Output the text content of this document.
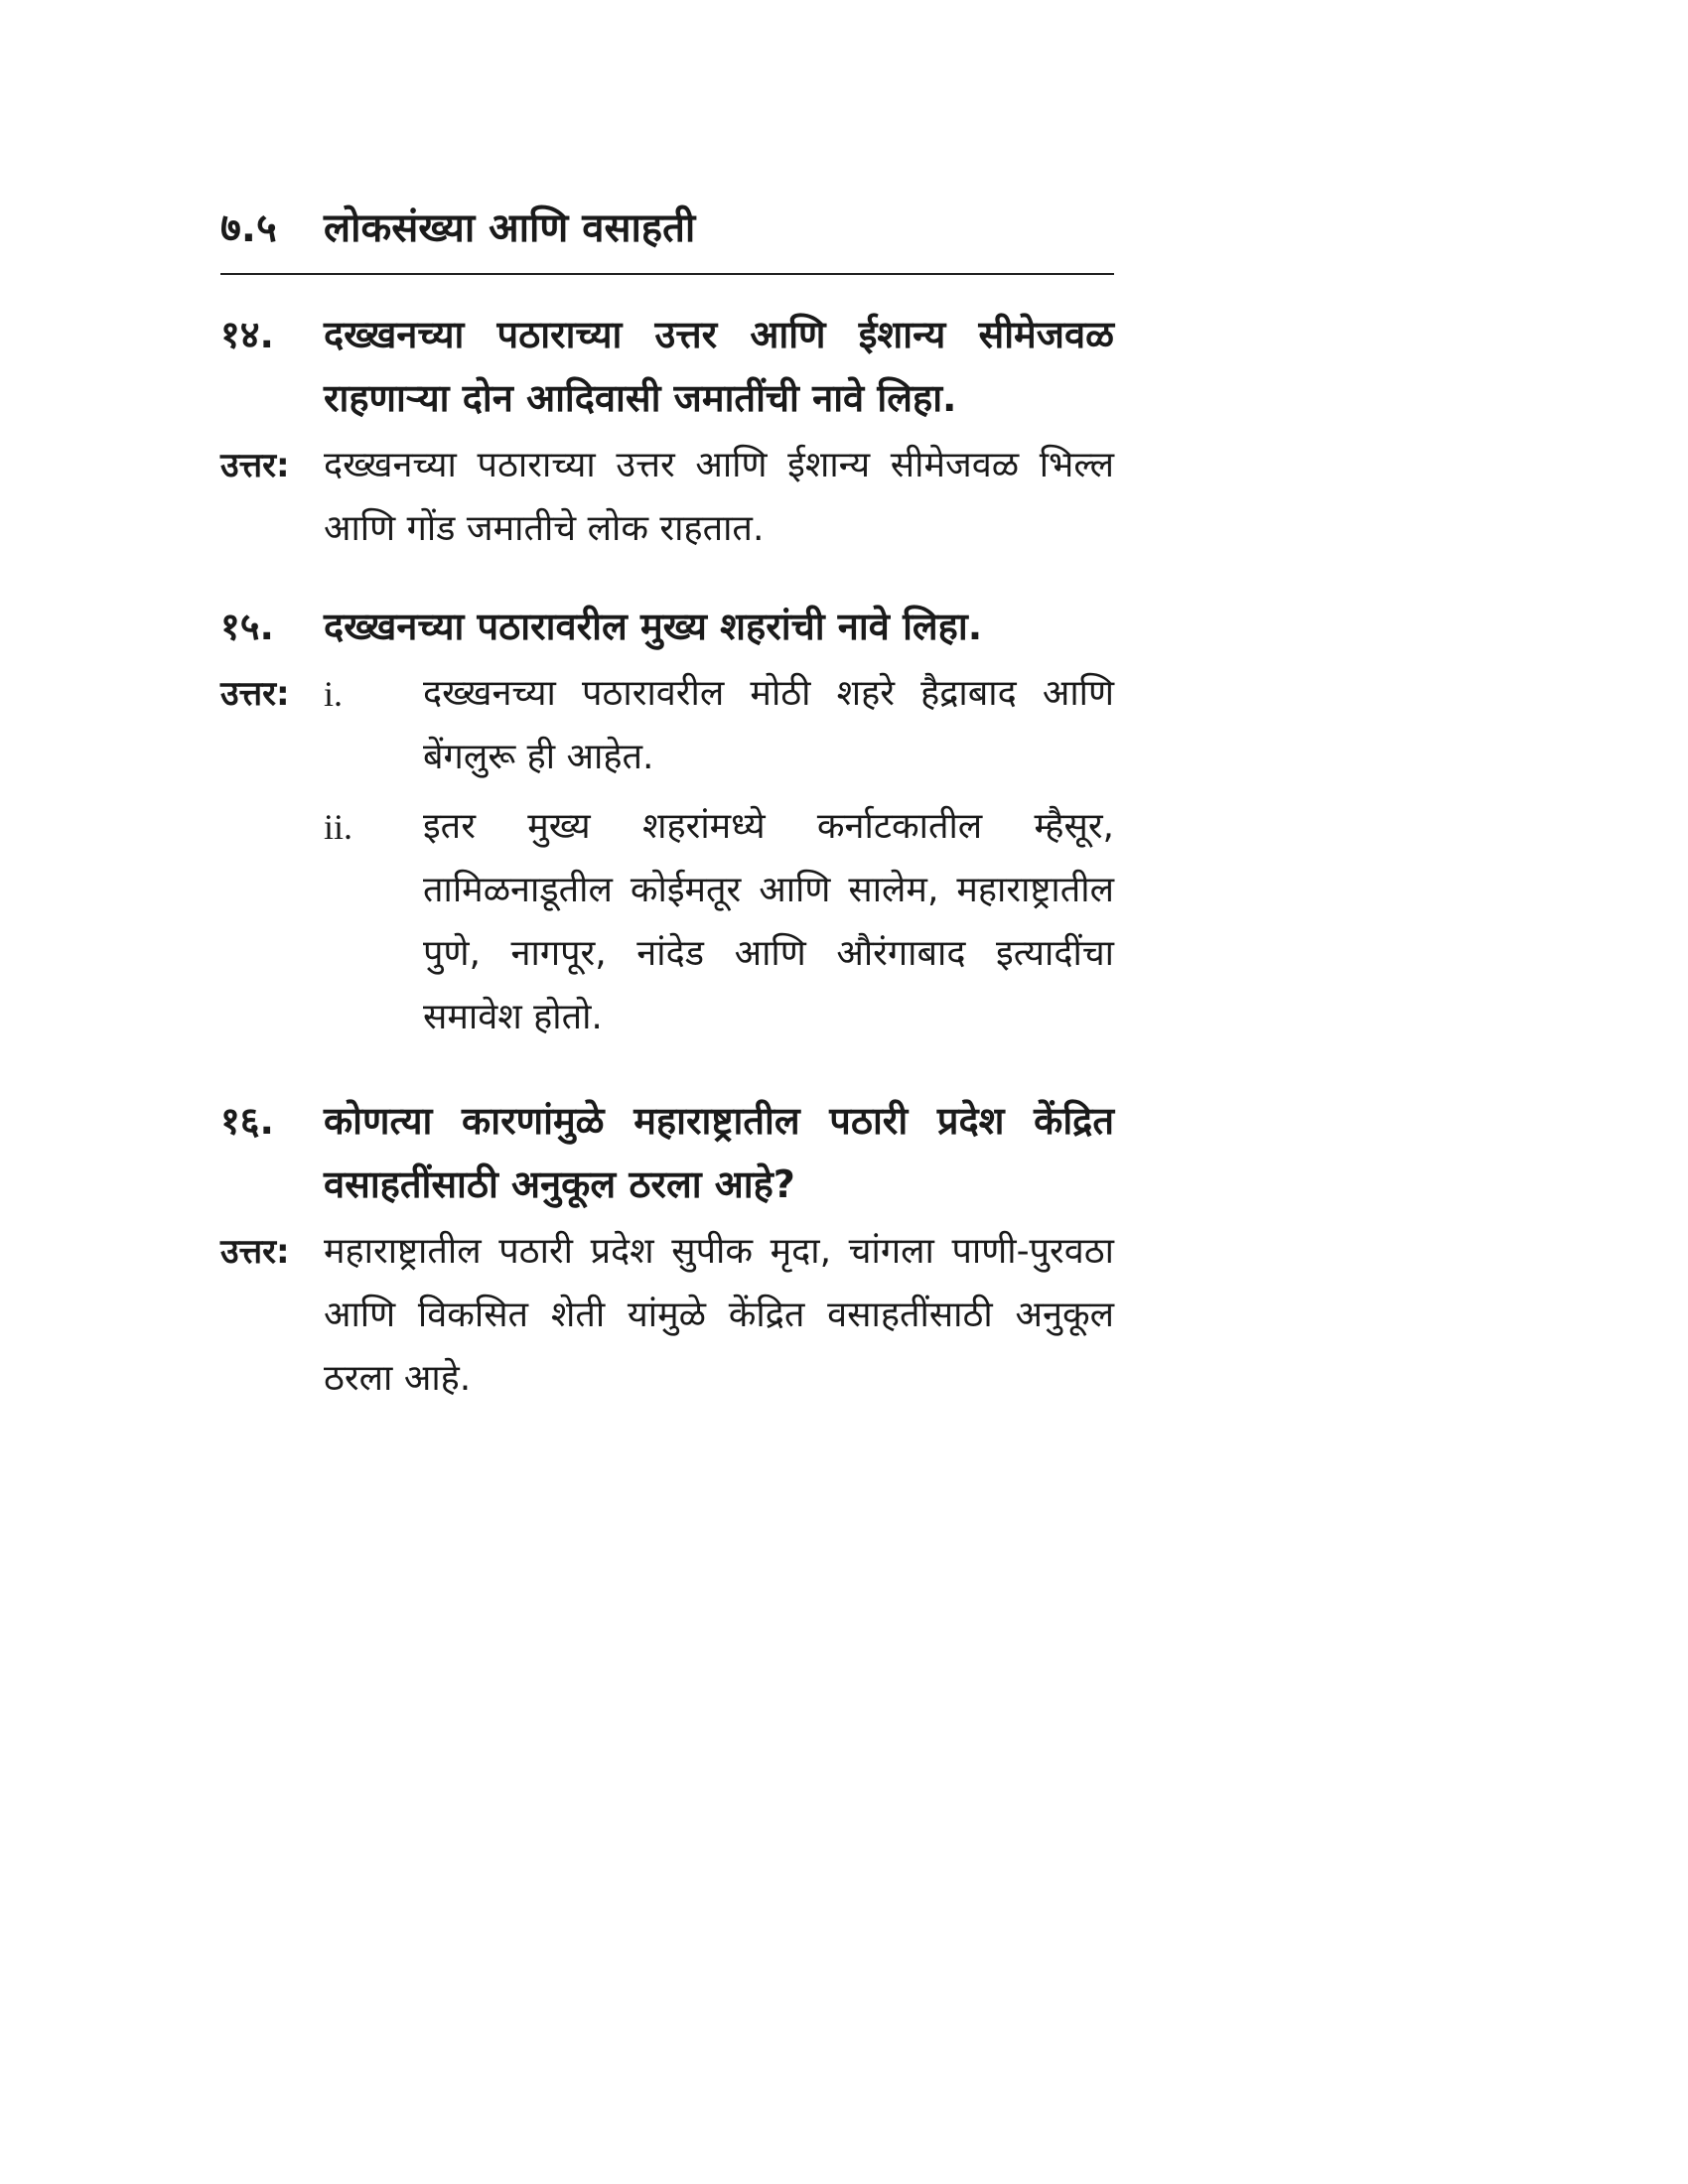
७.५	लोकसंख्या आणि वसाहती
१४.	दख्खनच्या पठाराच्या उत्तर आणि ईशान्य सीमेजवळ राहणाऱ्या दोन आदिवासी जमातींची नावे लिहा.
उत्तर: दख्खनच्या पठाराच्या उत्तर आणि ईशान्य सीमेजवळ भिल्ल आणि गोंड जमातीचे लोक राहतात.
१५.	दख्खनच्या पठारावरील मुख्य शहरांची नावे लिहा.
उत्तर: i.	दख्खनच्या पठारावरील मोठी शहरे हैद्राबाद आणि बेंगलुरू ही आहेत.
ii.	इतर मुख्य शहरांमध्ये कर्नाटकातील म्हैसूर, तामिळनाडूतील कोईमतूर आणि सालेम, महाराष्ट्रातील पुणे, नागपूर, नांदेड आणि औरंगाबाद इत्यादींचा समावेश होतो.
१६.	कोणत्या कारणांमुळे महाराष्ट्रातील पठारी प्रदेश केंद्रित वसाहतींसाठी अनुकूल ठरला आहे?
उत्तर: महाराष्ट्रातील पठारी प्रदेश सुपीक मृदा, चांगला पाणी-पुरवठा आणि विकसित शेती यांमुळे केंद्रित वसाहतींसाठी अनुकूल ठरला आहे.
